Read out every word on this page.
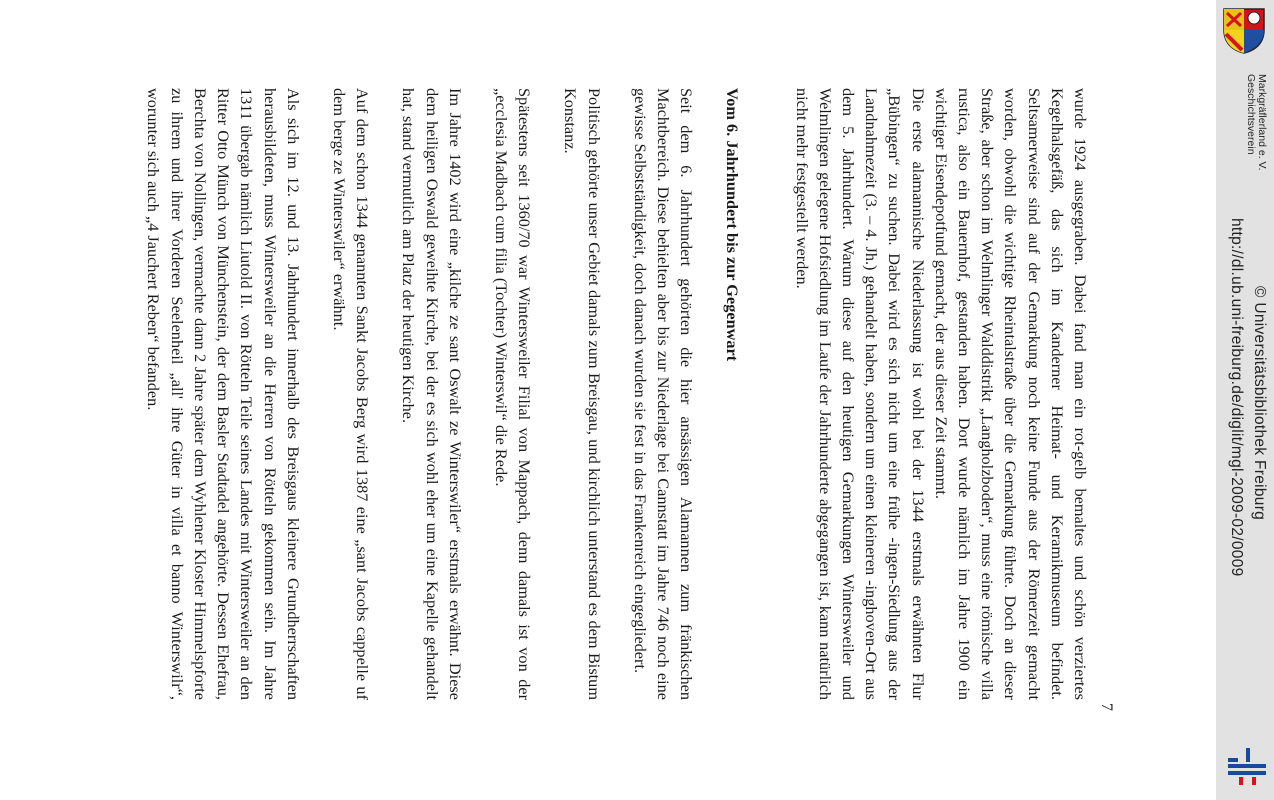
wurde 1924 ausgegraben. Dabei fand man ein rot-gelb bemaltes und schön verziertes Kegelhalsgefäß, das sich im Kanderner Heimat- und Keramikmuseum befindet. Seltsamerweise sind auf der Gemarkung noch keine Funde aus der Römerzeit gemacht worden, obwohl die wichtige Rheintalstraße über die Gemarkung führte. Doch an dieser Straße, aber schon im Welmlinger Walddistrikt „Langholzboden“, muss eine römische villa rustica, also ein Bauernhof, gestanden haben. Dort wurde nämlich im Jahre 1900 ein wichtiger Eisendepotfund gemacht, der aus dieser Zeit stammt.

Die erste alamannische Niederlassung ist wohl bei der 1344 erstmals erwähnten Flur „Bübingen“ zu suchen. Dabei wird es sich nicht um eine frühe -ingen-Siedlung aus der Landnahmezeit (3. – 4. Jh.) gehandelt haben, sondern um einen kleineren -inghoven-Ort aus dem 5. Jahrhundert. Warum diese auf den heutigen Gemarkungen Wintersweiler und Welmlingen gelegene Hofsiedlung im Laufe der Jahrhunderte abgegangen ist, kann natürlich nicht mehr festgestellt werden.

Vom 6. Jahrhundert bis zur Gegenwart

Seit dem 6. Jahrhundert gehörten die hier ansässigen Alamannen zum fränkischen Machtbereich. Diese behielten aber bis zur Niederlage bei Cannstatt im Jahre 746 noch eine gewisse Selbstständigkeit, doch danach wurden sie fest in das Frankenreich eingegliedert.

Politisch gehörte unser Gebiet damals zum Breisgau, und kirchlich unterstand es dem Bistum Konstanz.

Spätestens seit 1360/70 war Wintersweiler Filial von Mappach, denn damals ist von der „ecclesia Madbach cum filia (Tochter) Winterswil“ die Rede.

Im Jahre 1402 wird eine „kilche ze sant Oswalt ze Winterswiler“ erstmals erwähnt. Diese dem heiligen Oswald geweihte Kirche, bei der es sich wohl eher um eine Kapelle gehandelt hat, stand vermutlich am Platz der heutigen Kirche.

Auf dem schon 1344 genannten Sankt Jacobs Berg wird 1387 eine „sant Jacobs cappelle uf dem berge ze Winterswiler“ erwähnt.

Als sich im 12. und 13. Jahrhundert innerhalb des Breisgaus kleinere Grundherrschaften herausbildeten, muss Wintersweiler an die Herren von Rötteln gekommen sein. Im Jahre 1311 übergab nämlich Liutold II. von Rötteln Teile seines Landes mit Wintersweiler an den Ritter Otto Münch von Münchenstein, der dem Basler Stadtadel angehörte. Dessen Ehefrau, Berchta von Nollingen, vermachte dann 2 Jahre später dem Wyhlener Kloster Himmelspforte zu ihrem und ihrer Vorderen Seelenheil „all' ihre Güter in villa et banno Winterswilr“, worunter sich auch „4 Jauchert Reben“ befanden.

7
Geschichtsverein Markgräflerland e. V.
http://dl.ub.uni-freiburg.de/diglit/mgl-2009-02/0009 © Universitätsbibliothek Freiburg
